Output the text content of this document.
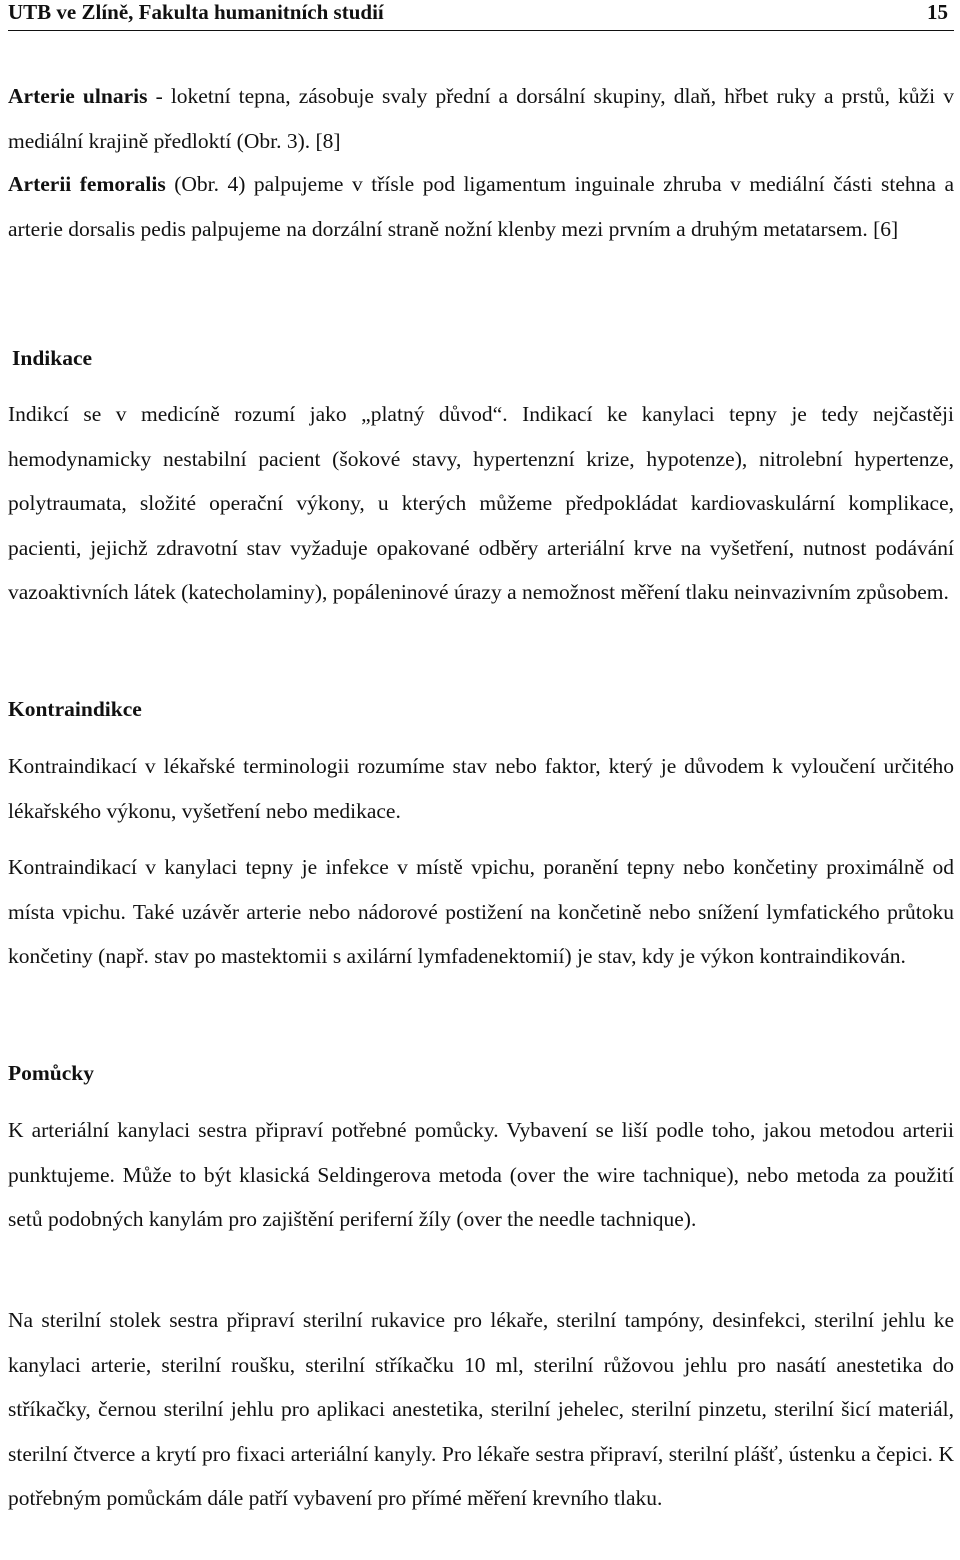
UTB ve Zlíně, Fakulta humanitních studií	15

Arterie ulnaris - loketní tepna, zásobuje svaly přední a dorsální skupiny, dlaň, hřbet ruky a prstů, kůži v mediální krajině předloktí (Obr. 3). [8]

Arterii femoralis (Obr. 4) palpujeme v třísle pod ligamentum inguinale zhruba v mediální části stehna a arterie dorsalis pedis palpujeme na dorzální straně nožní klenby mezi prvním a druhým metatarsem. [6]

Indikace

Indikcí se v medicíně rozumí jako „platný důvod“. Indikací ke kanylaci tepny je tedy nejčastěji hemodynamicky nestabilní pacient (šokové stavy, hypertenzní krize, hypotenze), nitrolební hypertenze, polytraumata, složité operační výkony, u kterých můžeme předpokládat kardiovaskulární komplikace, pacienti, jejichž zdravotní stav vyžaduje opakované odběry arteriální krve na vyšetření, nutnost podávání vazoaktivních látek (katecholaminy), popáleninové úrazy a nemožnost měření tlaku neinvazivním způsobem.

Kontraindikce

Kontraindikací v lékařské terminologii rozumíme stav nebo faktor, který je důvodem k vyloučení určitého lékařského výkonu, vyšetření nebo medikace.

Kontraindikací v kanylaci tepny je infekce v místě vpichu, poranění tepny nebo končetiny proximálně od místa vpichu. Také uzávěr arterie nebo nádorové postižení na končetině nebo snížení lymfatického průtoku končetiny (např. stav po mastektomii s axilární lymfadenektomií) je stav, kdy je výkon kontraindikován.

Pomůcky

K arteriální kanylaci sestra připraví potřebné pomůcky. Vybavení se liší podle toho, jakou metodou arterii punktujeme. Může to být klasická Seldingerova metoda (over the wire tachnique), nebo metoda za použití setů podobných kanylám pro zajištění periferní žíly (over the needle tachnique).

Na sterilní stolek sestra připraví sterilní rukavice pro lékaře, sterilní tampóny, desinfekci, sterilní jehlu ke kanylaci arterie, sterilní roušku, sterilní stříkačku 10 ml, sterilní růžovou jehlu pro nasátí anestetika do stříkačky, černou sterilní jehlu pro aplikaci anestetika, sterilní jehelec, sterilní pinzetu, sterilní šicí materiál, sterilní čtverce a krytí pro fixaci arteriální kanyly. Pro lékaře sestra připraví, sterilní plášť, ústenku a čepici. K potřebným pomůckám dále patří vybavení pro přímé měření krevního tlaku.
